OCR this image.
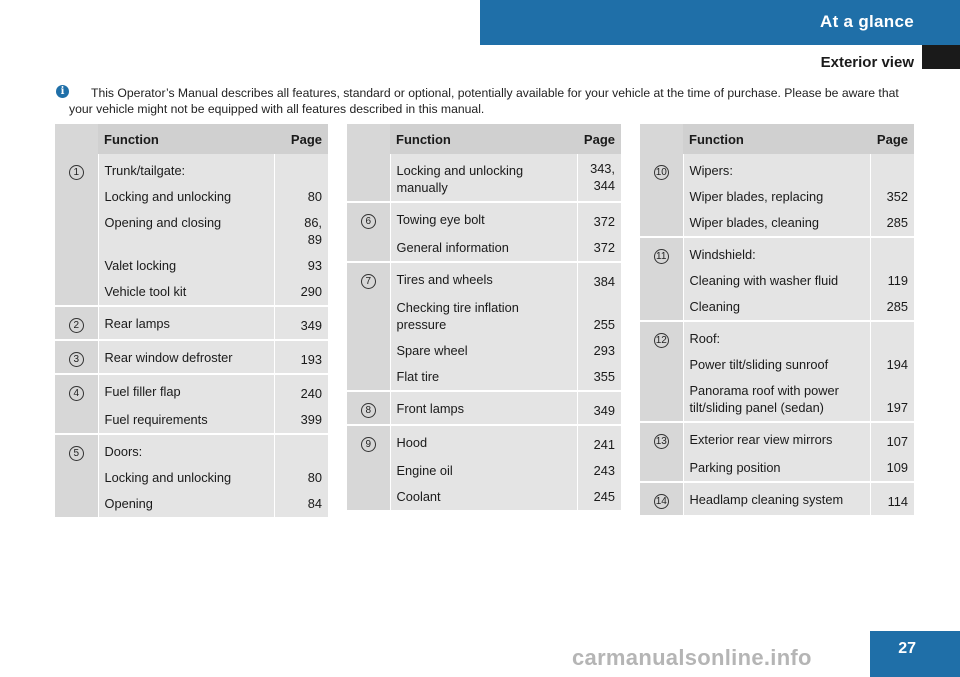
At a glance
Exterior view
i	This Operator’s Manual describes all features, standard or optional, potentially available for your vehicle at the time of purchase. Please be aware that your vehicle might not be equipped with all features described in this manual.
	Function	Page
1	Trunk/tailgate:	
	Locking and unlocking	80
	Opening and closing	86,
89

	Valet locking	93
	Vehicle tool kit	290
2	Rear lamps	349
3	Rear window defroster	193
4	Fuel filler flap	240
	Fuel requirements	399
5	Doors:	
	Locking and unlocking	80
	Opening	84
	Function	Page
	Locking and unlocking manually	343,
344

6	Towing eye bolt	372
	General information	372
7	Tires and wheels	384
	Checking tire inflation pressure	255
	Spare wheel	293
	Flat tire	355
8	Front lamps	349
9	Hood	241
	Engine oil	243
	Coolant	245
	Function	Page
10	Wipers:	
	Wiper blades, replacing	352
	Wiper blades, cleaning	285
11	Windshield:	
	Cleaning with washer fluid	119
	Cleaning	285
12	Roof:	
	Power tilt/sliding sunroof	194
	Panorama roof with power tilt/sliding panel (sedan)	197
13	Exterior rear view mirrors	107
	Parking position	109
14	Headlamp cleaning system	114
27
carmanualsonline.info
